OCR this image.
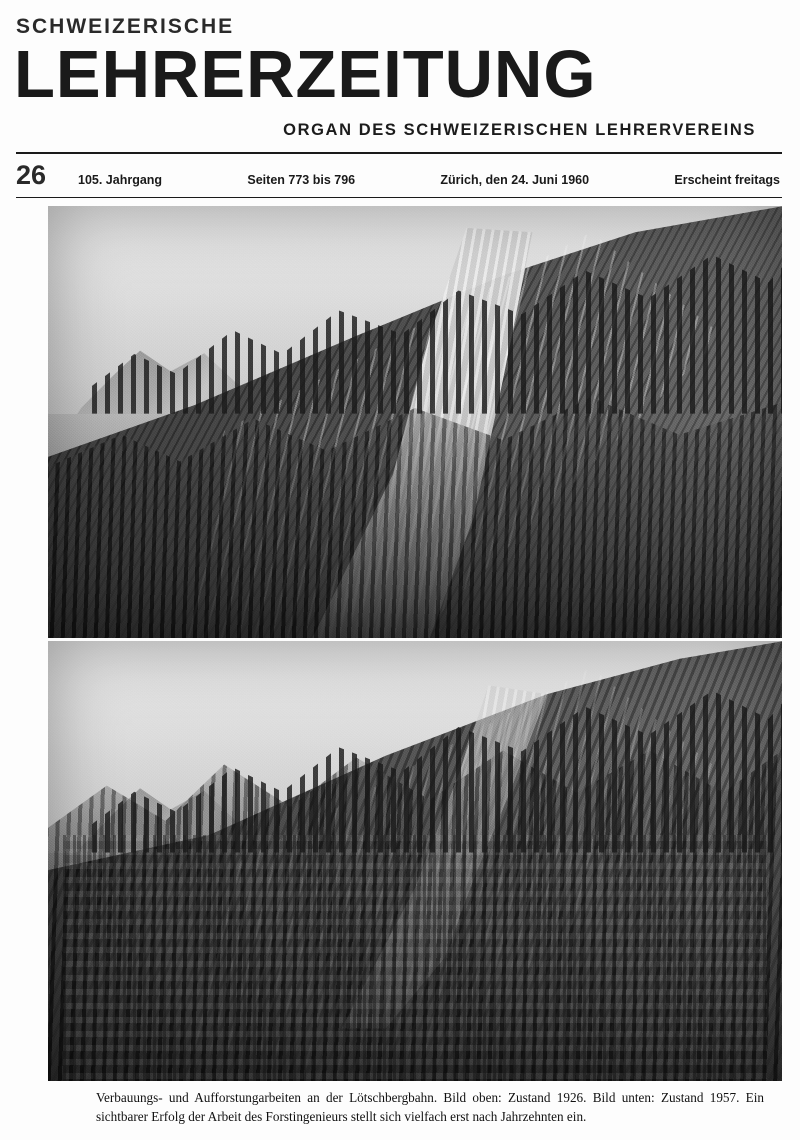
SCHWEIZERISCHE
LEHRERZEITUNG
ORGAN DES SCHWEIZERISCHEN LEHRERVEREINS
26	105. Jahrgang	Seiten 773 bis 796	Zürich, den 24. Juni 1960	Erscheint freitags
Verbauungs- und Aufforstungarbeiten an der Lötschbergbahn. Bild oben: Zustand 1926. Bild unten: Zustand 1957. Ein sichtbarer Erfolg der Arbeit des Forstingenieurs stellt sich vielfach erst nach Jahrzehnten ein.
